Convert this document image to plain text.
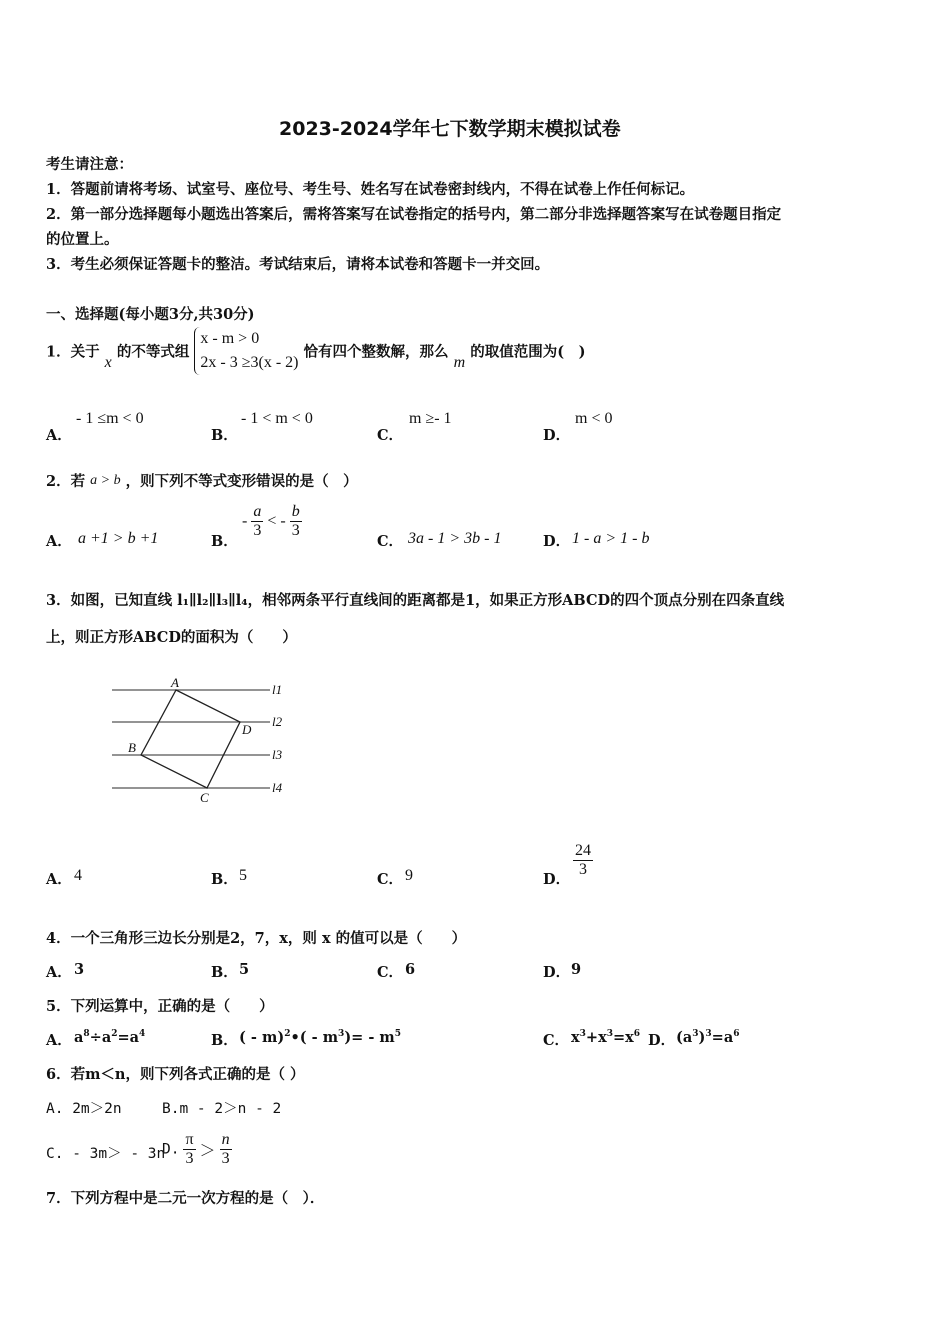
2023-2024学年七下数学期末模拟试卷
考生请注意：
1．答题前请将考场、试室号、座位号、考生号、姓名写在试卷密封线内，不得在试卷上作任何标记。
2．第一部分选择题每小题选出答案后，需将答案写在试卷指定的括号内，第二部分非选择题答案写在试卷题目指定
的位置上。
3．考生必须保证答题卡的整洁。考试结束后，请将本试卷和答题卡一并交回。
一、选择题(每小题3分,共30分)
1．关于 x 的不等式组
x - m > 0
2x - 3 ≥3(x - 2)
恰有四个整数解，那么 m 的取值范围为(　)
A．
- 1 ≤m < 0
B．
- 1 < m < 0
C．
m ≥- 1
D．
m < 0
2．若 a > b ，则下列不等式变形错误的是（　）
A． a +1 > b +1	B．
- $\frac{a}{3}$ < - $\frac{b}{3}$
C． 3a - 1 > 3b - 1	D． 1 - a > 1 - b
3．如图，已知直线 l₁∥l₂∥l₃∥l₄，相邻两条平行直线间的距离都是1，如果正方形ABCD的四个顶点分别在四条直线
上，则正方形ABCD的面积为（　　）
A
B
C
D
l1
l2
l3
l4
A． 4	B． 5	C． 9	D．
$\frac{24}{3}$
4．一个三角形三边长分别是2，7，x，则 x 的值可以是（　　）
A． 3	B． 5	C． 6	D． 9
5．下列运算中，正确的是（　　）
A． $a^8\div a^2=a^4$	B． ( - m)$^2$•( - $m^3)= - m^5$	C． $x^3+x^3=x^6$ D． $(a^3)^3=a^6$
6．若m＜n，则下列各式正确的是（ ）
A. 2m＞2n	B.m - 2＞n - 2
C. - 3m＞ - 3n
D. $\frac{\pi}{3} > \frac{n}{3}$
7．下列方程中是二元一次方程的是（　）．
